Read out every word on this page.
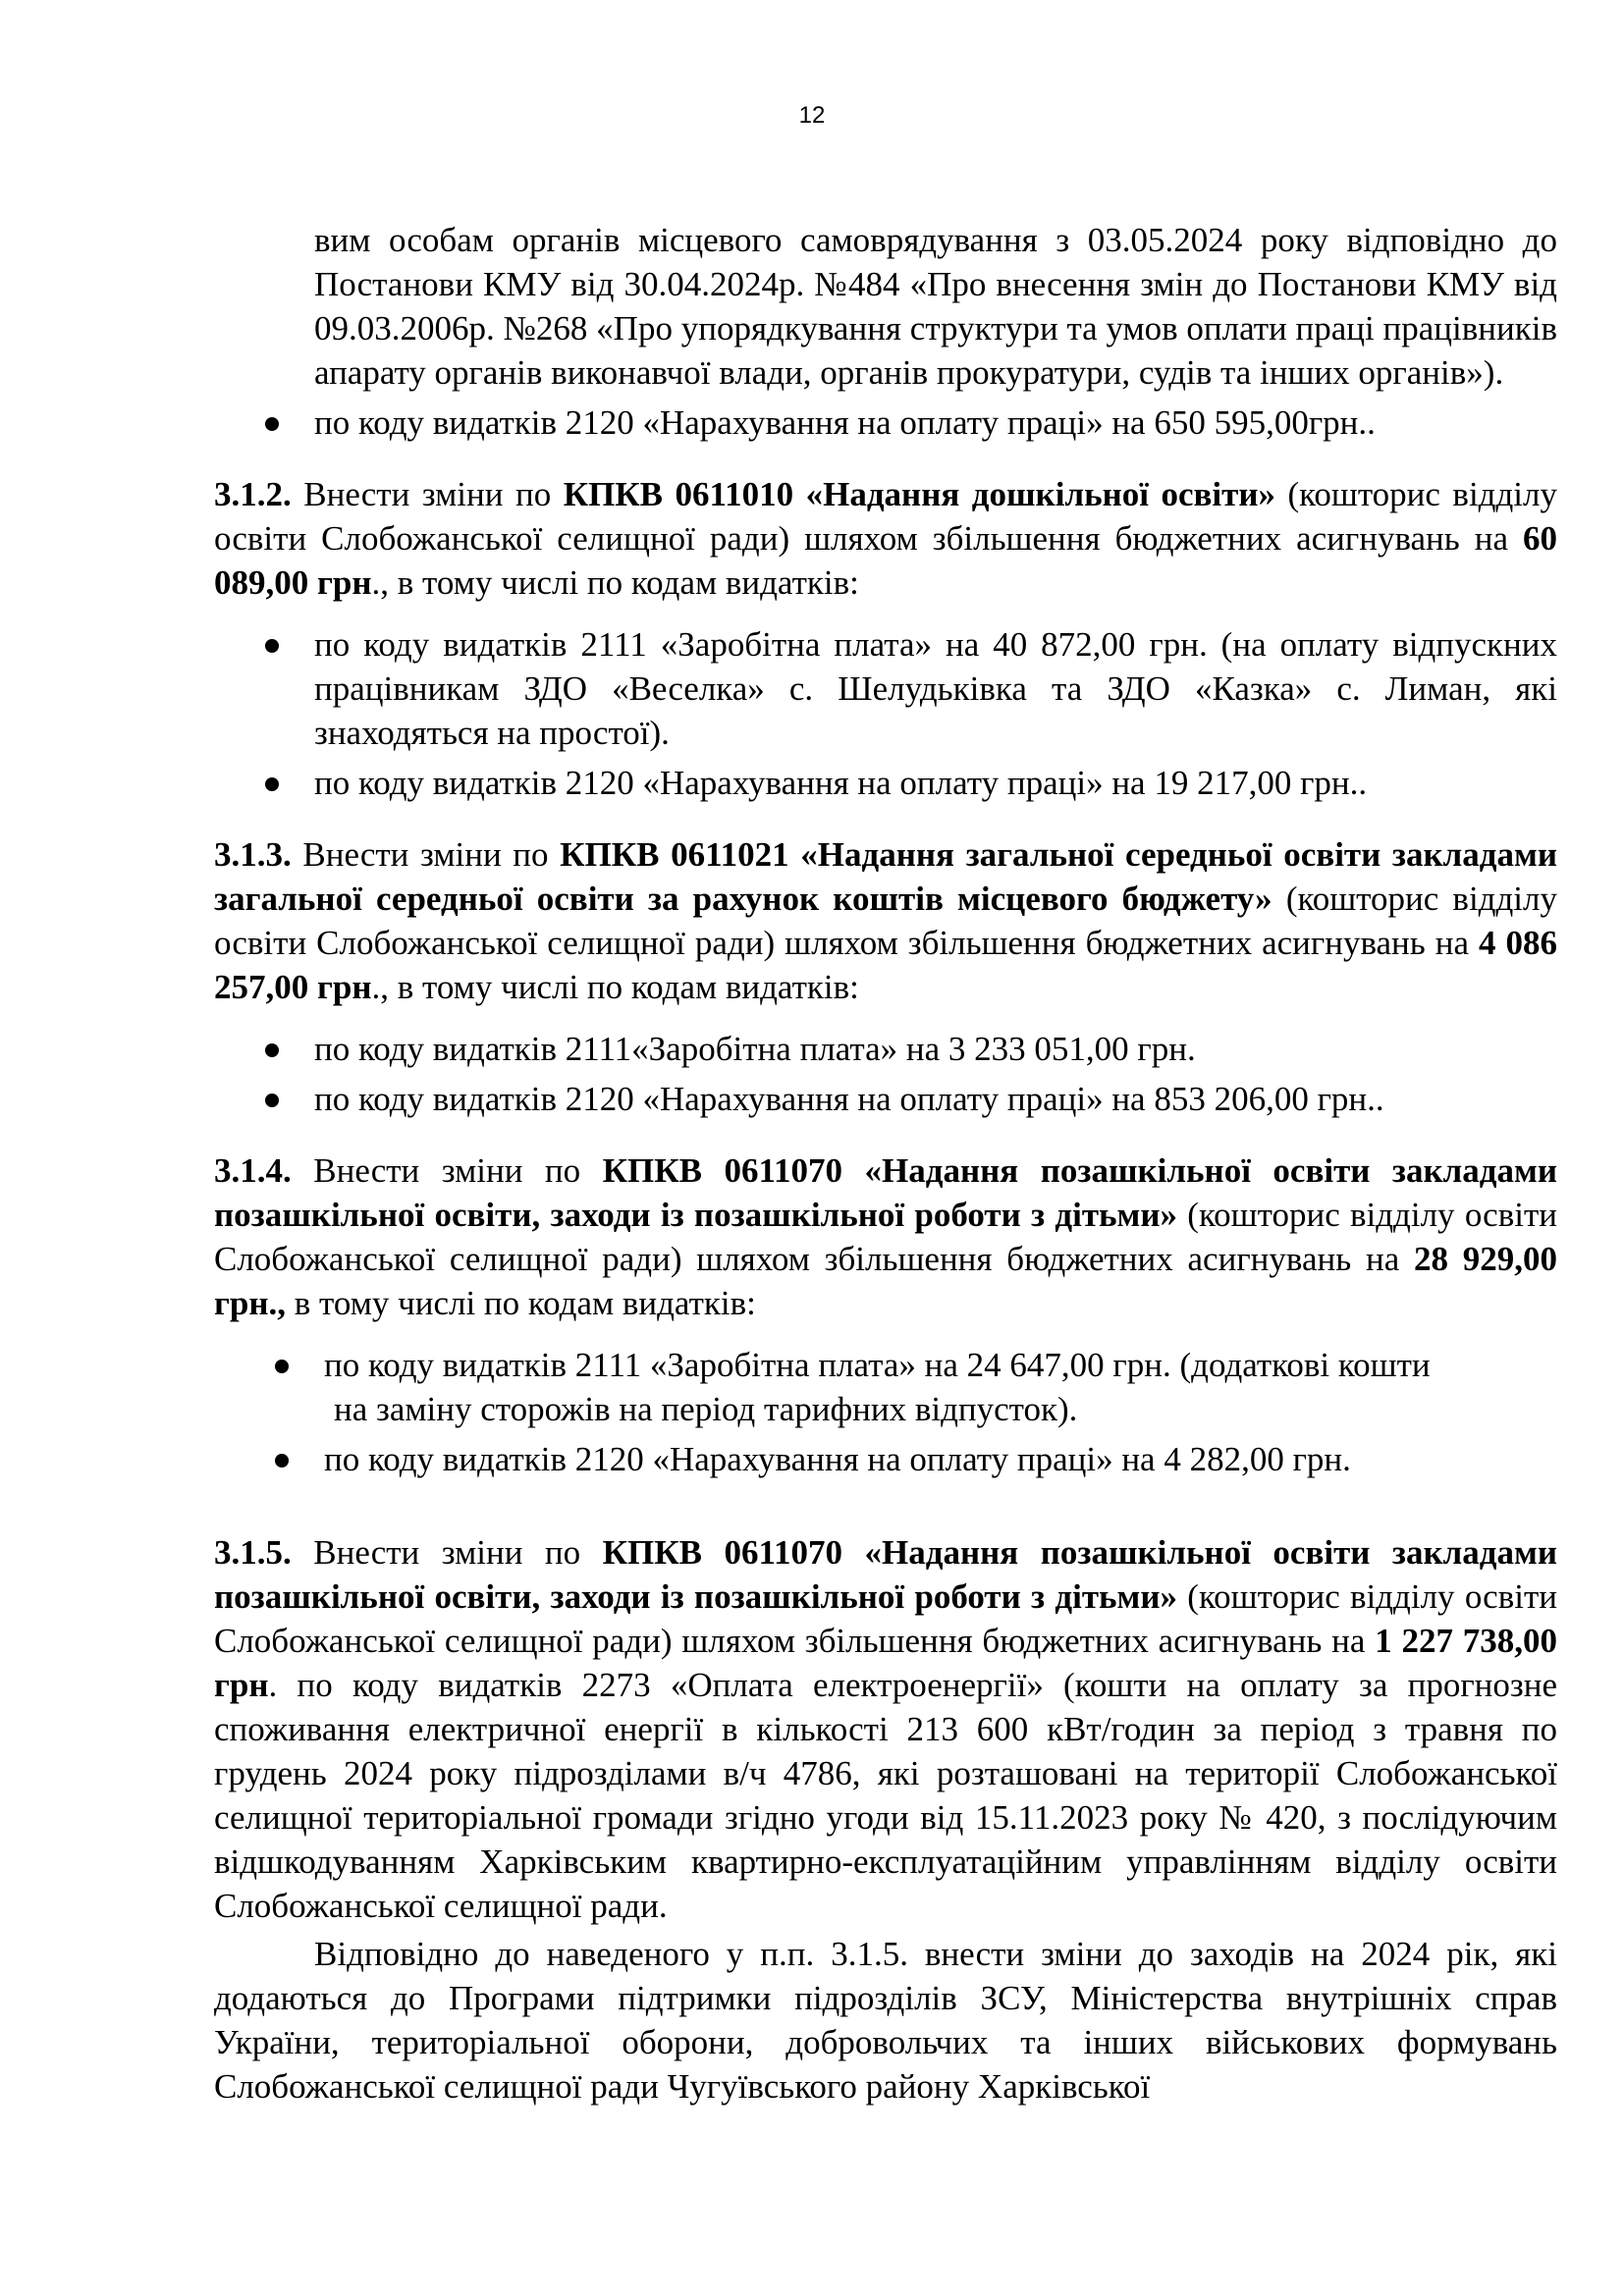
12

вим особам органів місцевого самоврядування з 03.05.2024 року відповідно до Постанови КМУ від 30.04.2024р. №484 «Про внесення змін до Постанови КМУ від 09.03.2006р. №268 «Про упорядкування структури та умов оплати праці працівників апарату органів виконавчої влади, органів прокуратури, судів та інших органів»).

по коду видатків 2120 «Нарахування на оплату праці» на 650 595,00грн..

3.1.2. Внести зміни по КПКВ 0611010 «Надання дошкільної освіти» (кошторис відділу освіти Слобожанської селищної ради) шляхом збільшення бюджетних асигнувань на 60 089,00 грн., в тому числі по кодам видатків:

по коду видатків 2111 «Заробітна плата» на 40 872,00 грн. (на оплату відпускних працівникам ЗДО «Веселка» с. Шелудьківка та ЗДО «Казка» с. Лиман, які знаходяться на простої).
по коду видатків 2120 «Нарахування на оплату праці» на 19 217,00 грн..

3.1.3. Внести зміни по КПКВ 0611021 «Надання загальної середньої освіти закладами загальної середньої освіти за рахунок коштів місцевого бюджету» (кошторис відділу освіти Слобожанської селищної ради) шляхом збільшення бюджетних асигнувань на 4 086 257,00 грн., в тому числі по кодам видатків:

по коду видатків 2111«Заробітна плата» на 3 233 051,00 грн.
по коду видатків 2120 «Нарахування на оплату праці» на 853 206,00 грн..

3.1.4. Внести зміни по КПКВ 0611070 «Надання позашкільної освіти закладами позашкільної освіти, заходи із позашкільної роботи з дітьми» (кошторис відділу освіти Слобожанської селищної ради) шляхом збільшення бюджетних асигнувань на 28 929,00 грн., в тому числі по кодам видатків:

по коду видатків 2111 «Заробітна плата» на 24 647,00 грн. (додаткові кошти
на заміну сторожів на період тарифних відпусток).
по коду видатків 2120 «Нарахування на оплату праці» на 4 282,00 грн.

3.1.5. Внести зміни по КПКВ 0611070 «Надання позашкільної освіти закладами позашкільної освіти, заходи із позашкільної роботи з дітьми» (кошторис відділу освіти Слобожанської селищної ради) шляхом збільшення бюджетних асигнувань на 1 227 738,00 грн. по коду видатків 2273 «Оплата електроенергії» (кошти на оплату за прогнозне споживання електричної енергії в кількості 213 600 кВт/годин за період з травня по грудень 2024 року підрозділами в/ч 4786, які розташовані на території Слобожанської селищної територіальної громади згідно угоди від 15.11.2023 року № 420, з послідуючим відшкодуванням Харківським квартирно-експлуатаційним управлінням відділу освіти Слобожанської селищної ради.

Відповідно до наведеного у п.п. 3.1.5. внести зміни до заходів на 2024 рік, які додаються до Програми підтримки підрозділів ЗСУ, Міністерства внутрішніх справ України, територіальної оборони, добровольчих та інших військових формувань Слобожанської селищної ради Чугуївського району Харківської
